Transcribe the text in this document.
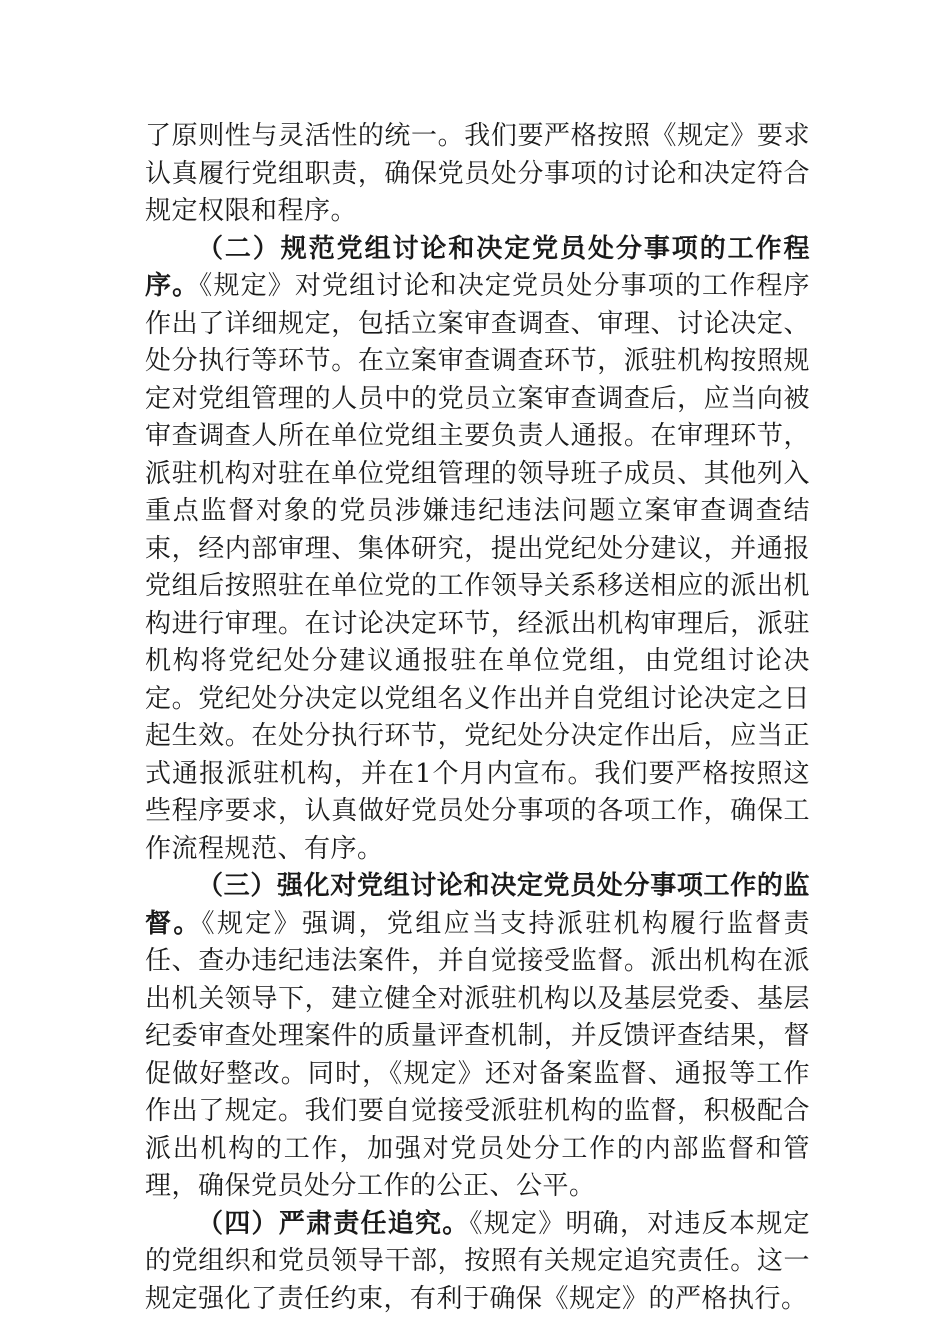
了原则性与灵活性的统一。我们要严格按照《规定》要求认真履行党组职责，确保党员处分事项的讨论和决定符合规定权限和程序。

（二）规范党组讨论和决定党员处分事项的工作程序。《规定》对党组讨论和决定党员处分事项的工作程序作出了详细规定，包括立案审查调查、审理、讨论决定、处分执行等环节。在立案审查调查环节，派驻机构按照规定对党组管理的人员中的党员立案审查调查后，应当向被审查调查人所在单位党组主要负责人通报。在审理环节，派驻机构对驻在单位党组管理的领导班子成员、其他列入重点监督对象的党员涉嫌违纪违法问题立案审查调查结束，经内部审理、集体研究，提出党纪处分建议，并通报党组后按照驻在单位党的工作领导关系移送相应的派出机构进行审理。在讨论决定环节，经派出机构审理后，派驻机构将党纪处分建议通报驻在单位党组，由党组讨论决定。党纪处分决定以党组名义作出并自党组讨论决定之日起生效。在处分执行环节，党纪处分决定作出后，应当正式通报派驻机构，并在1个月内宣布。我们要严格按照这些程序要求，认真做好党员处分事项的各项工作，确保工作流程规范、有序。

（三）强化对党组讨论和决定党员处分事项工作的监督。《规定》强调，党组应当支持派驻机构履行监督责任、查办违纪违法案件，并自觉接受监督。派出机构在派出机关领导下，建立健全对派驻机构以及基层党委、基层纪委审查处理案件的质量评查机制，并反馈评查结果，督促做好整改。同时，《规定》还对备案监督、通报等工作作出了规定。我们要自觉接受派驻机构的监督，积极配合派出机构的工作，加强对党员处分工作的内部监督和管理，确保党员处分工作的公正、公平。

（四）严肃责任追究。《规定》明确，对违反本规定的党组织和党员领导干部，按照有关规定追究责任。这一规定强化了责任约束，有利于确保《规定》的严格执行。
